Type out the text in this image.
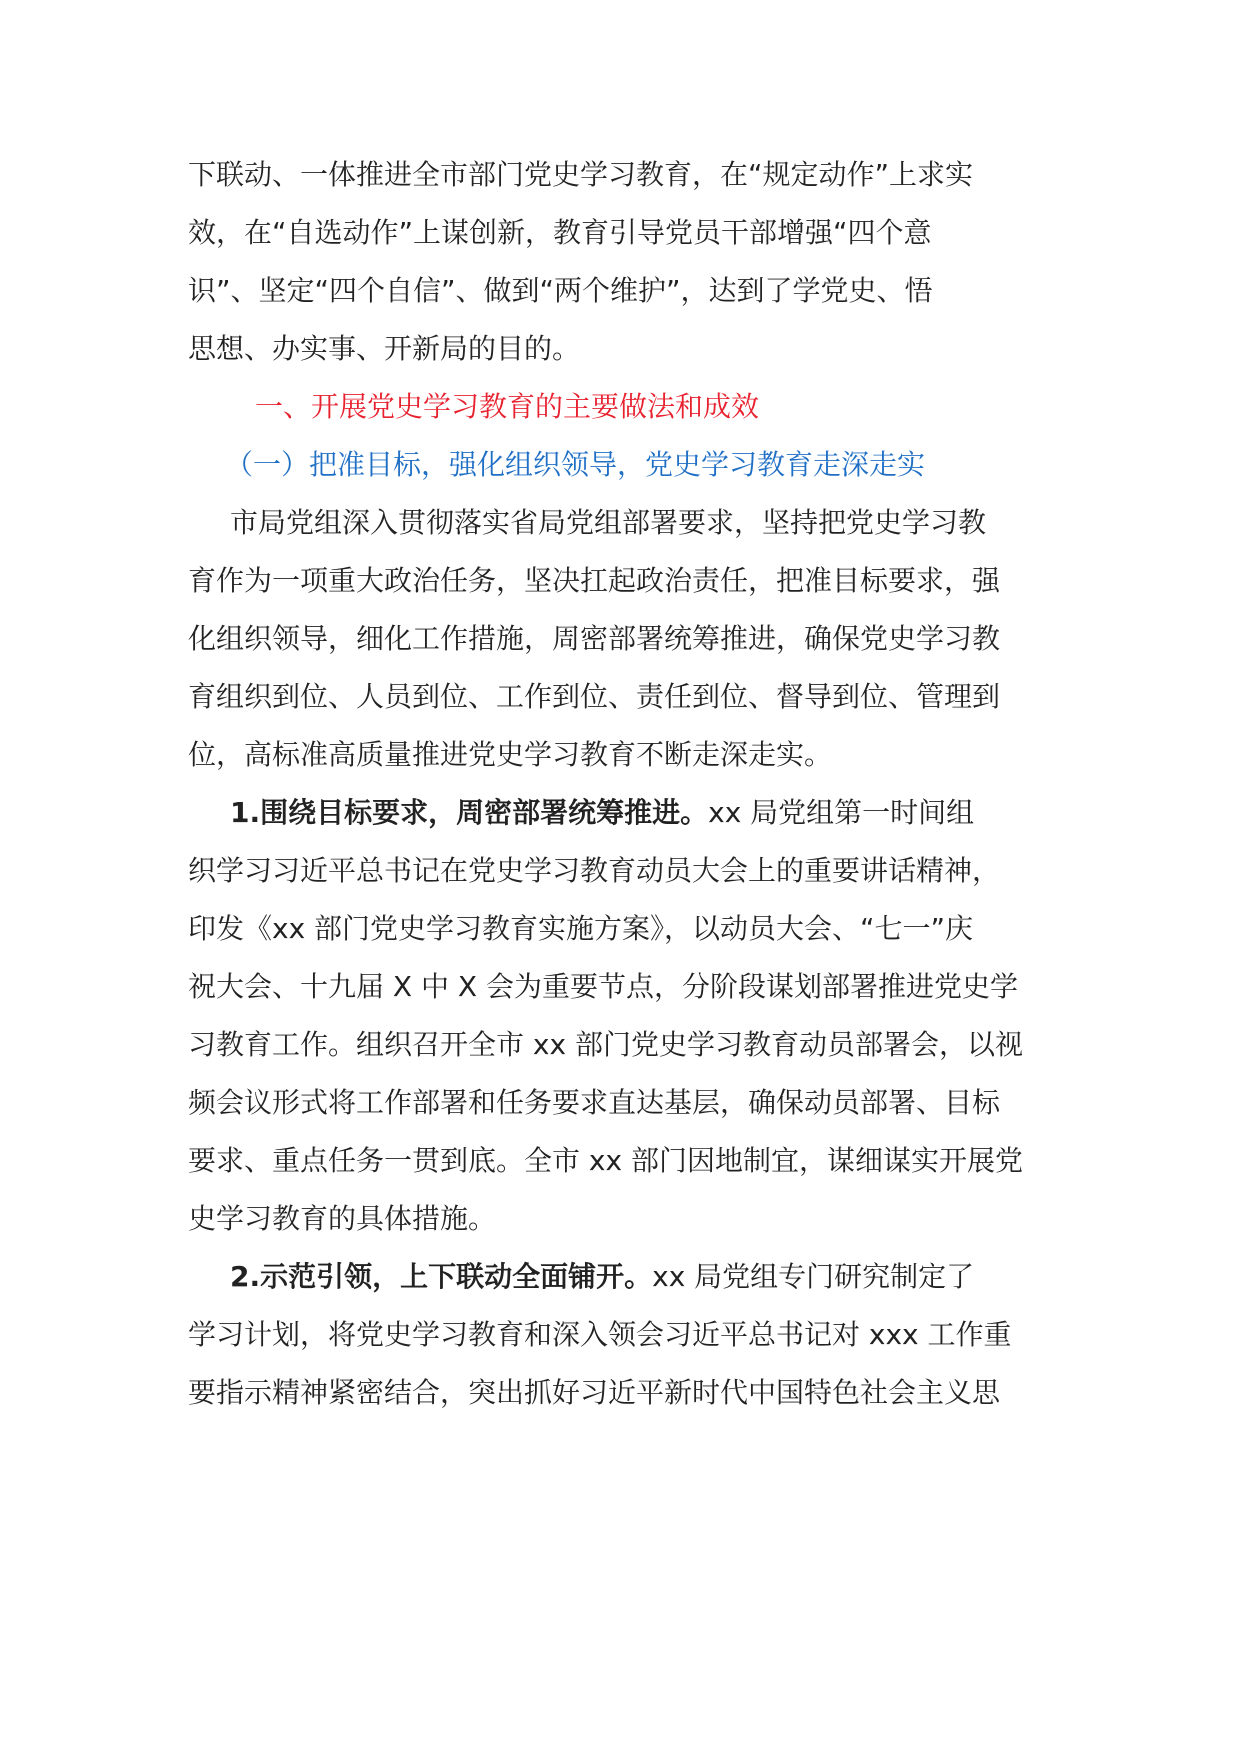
下联动、一体推进全市部门党史学习教育，在“规定动作”上求实
效，在“自选动作”上谋创新，教育引导党员干部增强“四个意
识”、坚定“四个自信”、做到“两个维护”，达到了学党史、悟
思想、办实事、开新局的目的。
一、开展党史学习教育的主要做法和成效
（一）把准目标，强化组织领导，党史学习教育走深走实
市局党组深入贯彻落实省局党组部署要求，坚持把党史学习教
育作为一项重大政治任务，坚决扛起政治责任，把准目标要求，强
化组织领导，细化工作措施，周密部署统筹推进，确保党史学习教
育组织到位、人员到位、工作到位、责任到位、督导到位、管理到
位，高标准高质量推进党史学习教育不断走深走实。
1.围绕目标要求，周密部署统筹推进。xx 局党组第一时间组
织学习习近平总书记在党史学习教育动员大会上的重要讲话精神，
印发《xx 部门党史学习教育实施方案》，以动员大会、“七一”庆
祝大会、十九届 X 中 X 会为重要节点，分阶段谋划部署推进党史学
习教育工作。组织召开全市 xx 部门党史学习教育动员部署会，以视
频会议形式将工作部署和任务要求直达基层，确保动员部署、目标
要求、重点任务一贯到底。全市 xx 部门因地制宜，谋细谋实开展党
史学习教育的具体措施。
2.示范引领，上下联动全面铺开。xx 局党组专门研究制定了
学习计划，将党史学习教育和深入领会习近平总书记对 xxx 工作重
要指示精神紧密结合，突出抓好习近平新时代中国特色社会主义思
